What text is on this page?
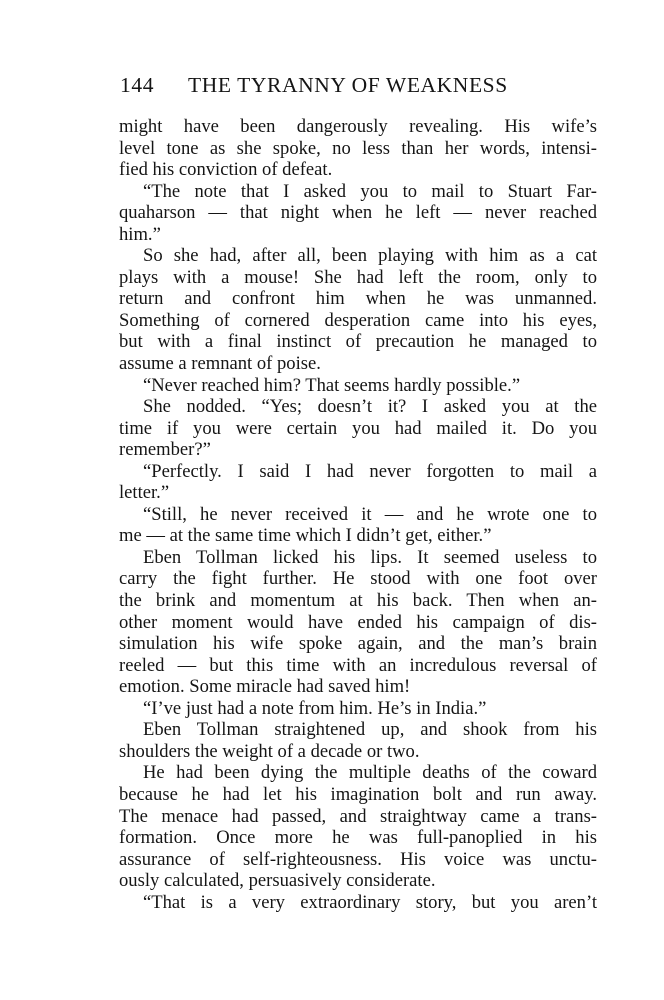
144 THE TYRANNY OF WEAKNESS
might have been dangerously revealing. His wife’s
level tone as she spoke, no less than her words, intensi-
fied his conviction of defeat.
“The note that I asked you to mail to Stuart Far-
quaharson — that night when he left — never reached
him.”
So she had, after all, been playing with him as a cat
plays with a mouse! She had left the room, only to
return and confront him when he was unmanned.
Something of cornered desperation came into his eyes,
but with a final instinct of precaution he managed to
assume a remnant of poise.
“Never reached him? That seems hardly possible.”
She nodded. “Yes; doesn’t it? I asked you at the
time if you were certain you had mailed it. Do you
remember?”
“Perfectly. I said I had never forgotten to mail a
letter.”
“Still, he never received it — and he wrote one to
me — at the same time which I didn’t get, either.”
Eben Tollman licked his lips. It seemed useless to
carry the fight further. He stood with one foot over
the brink and momentum at his back. Then when an-
other moment would have ended his campaign of dis-
simulation his wife spoke again, and the man’s brain
reeled — but this time with an incredulous reversal of
emotion. Some miracle had saved him!
“I’ve just had a note from him. He’s in India.”
Eben Tollman straightened up, and shook from his
shoulders the weight of a decade or two.
He had been dying the multiple deaths of the coward
because he had let his imagination bolt and run away.
The menace had passed, and straightway came a trans-
formation. Once more he was full-panoplied in his
assurance of self-righteousness. His voice was unctu-
ously calculated, persuasively considerate.
“That is a very extraordinary story, but you aren’t
